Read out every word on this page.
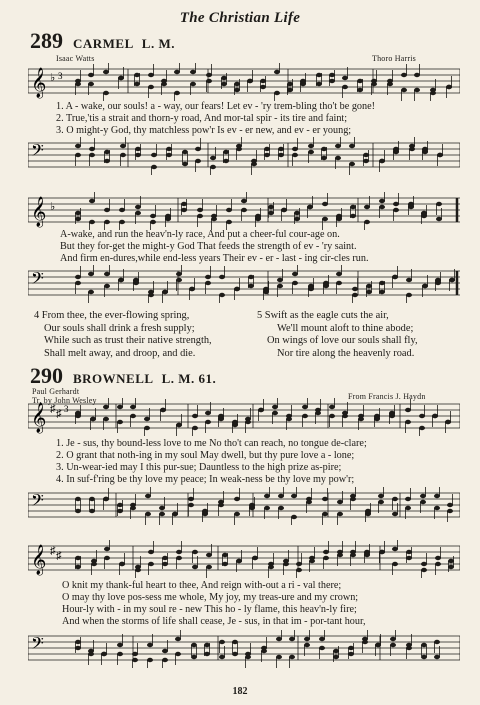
The Christian Life
289 CARMEL L. M.
Isaac Watts	Thoro Harris
𝄞 ♭ 3
1. A - wake, our souls! a - way, our fears! Let ev - 'ry trem-bling tho't be gone!
2. True,'tis a strait and thorn-y road, And mor-tal spir - its tire and faint;
3. O might-y God, thy matchless pow'r Is ev - er new, and ev - er young;
𝄢
𝄞 ♭
A-wake, and run the heav'n-ly race, And put a cheer-ful cour-age on.
But they for-get the might-y God That feeds the strength of ev - 'ry saint.
And firm en-dures,while end-less years Their ev - er - last - ing cir-cles run.
𝄢
4 From thee, the ever-flowing spring,
Our souls shall drink a fresh supply;
While such as trust their native strength,
Shall melt away, and droop, and die.
5 Swift as the eagle cuts the air,
We'll mount aloft to thine abode;
On wings of love our souls shall fly,
Nor tire along the heavenly road.
290 BROWNELL L. M. 61.
Paul Gerhardt
Tr. by John Wesley	From Francis J. Haydn
𝄞 ♯ ♯ 3
1. Je - sus, thy bound-less love to me No tho't can reach, no tongue de-clare;
2. O grant that noth-ing in my soul May dwell, but thy pure love a - lone;
3. Un-wear-ied may I this pur-sue; Dauntless to the high prize as-pire;
4. In suf-f'ring be thy love my peace; In weak-ness be thy love my pow'r;
𝄢
𝄞 ♯ ♯
O knit my thank-ful heart to thee, And reign with-out a ri - val there;
O may thy love pos-sess me whole, My joy, my treas-ure and my crown;
Hour-ly with - in my soul re - new This ho - ly flame, this heav'n-ly fire;
And when the storms of life shall cease, Je - sus, in that im - por-tant hour,
𝄢
182
